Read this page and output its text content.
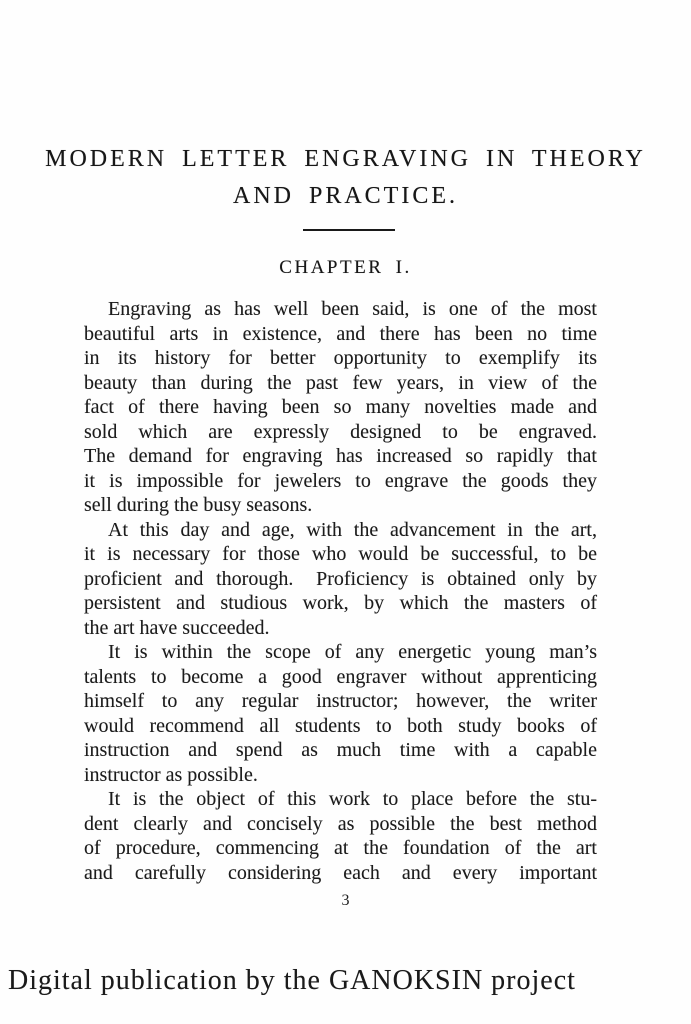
MODERN LETTER ENGRAVING IN THEORY
AND PRACTICE.
CHAPTER I.
Engraving as has well been said, is one of the most
beautiful arts in existence, and there has been no time
in its history for better opportunity to exemplify its
beauty than during the past few years, in view of the
fact of there having been so many novelties made and
sold which are expressly designed to be engraved.
The demand for engraving has increased so rapidly that
it is impossible for jewelers to engrave the goods they
sell during the busy seasons.
At this day and age, with the advancement in the art,
it is necessary for those who would be successful, to be
proficient and thorough.  Proficiency is obtained only by
persistent and studious work, by which the masters of
the art have succeeded.
It is within the scope of any energetic young man’s
talents to become a good engraver without apprenticing
himself to any regular instructor; however, the writer
would recommend all students to both study books of
instruction and spend as much time with a capable
instructor as possible.
It is the object of this work to place before the stu-
dent clearly and concisely as possible the best method
of procedure, commencing at the foundation of the art
and carefully considering each and every important
3
Digital publication by the GANOKSIN project
